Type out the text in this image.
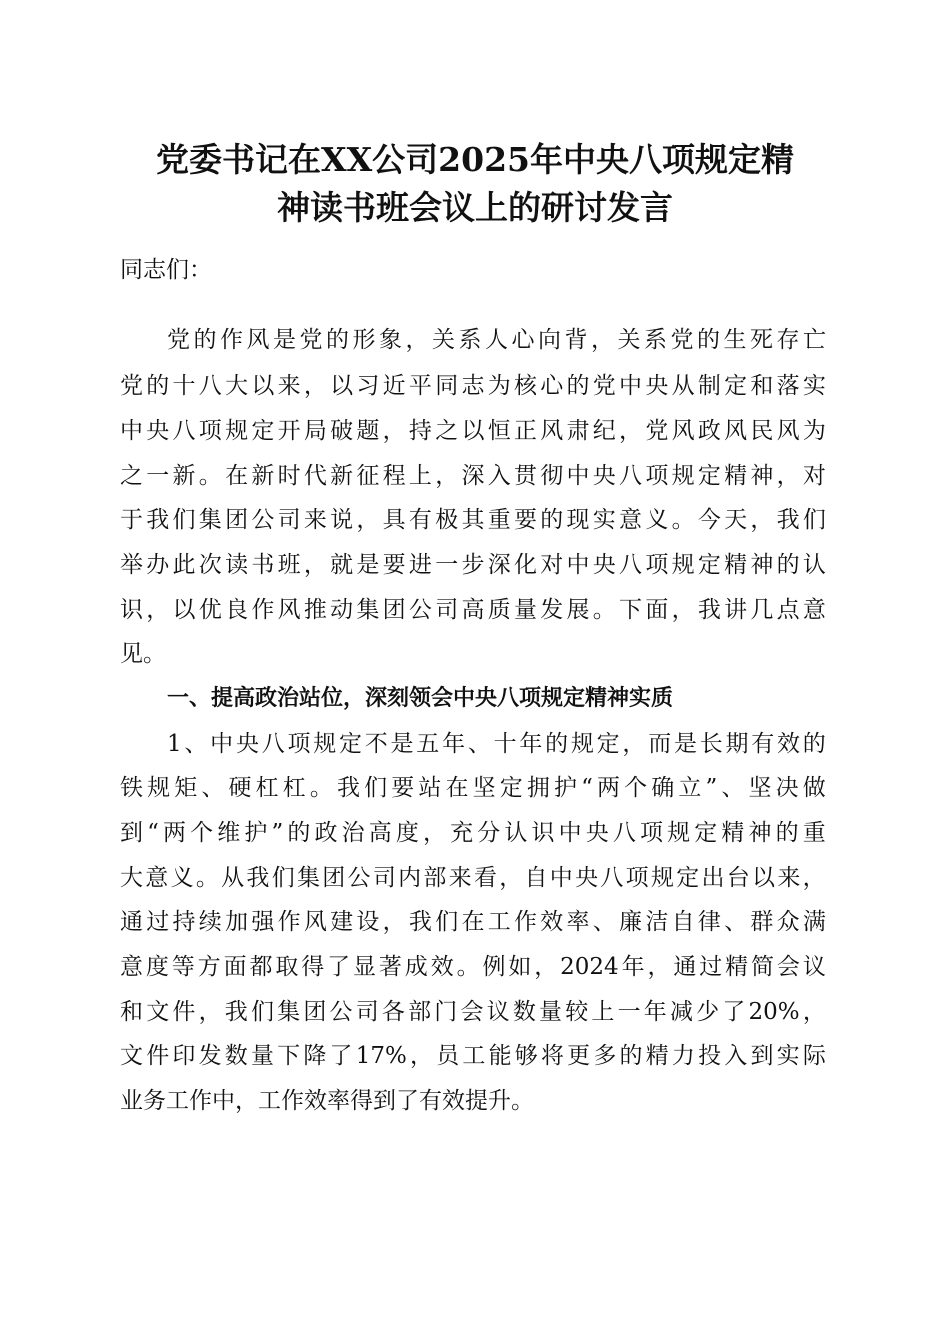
党委书记在XX公司2025年中央八项规定精
神读书班会议上的研讨发言
同志们：
党 的 作 风 是 党 的 形 象 ， 关 系 人 心 向 背 ， 关 系 党 的 生 死 存 亡
党 的 十 八 大 以 来 ， 以 习 近 平 同 志 为 核 心 的 党 中 央 从 制 定 和 落 实
中 央 八 项 规 定 开 局 破 题 ， 持 之 以 恒 正 风 肃 纪 ， 党 风 政 风 民 风 为
之 一 新 。 在 新 时 代 新 征 程 上 ， 深 入 贯 彻 中 央 八 项 规 定 精 神 ， 对
于 我 们 集 团 公 司 来 说 ， 具 有 极 其 重 要 的 现 实 意 义 。 今 天 ， 我 们
举 办 此 次 读 书 班 ， 就 是 要 进 一 步 深 化 对 中 央 八 项 规 定 精 神 的 认
识 ， 以 优 良 作 风 推 动 集 团 公 司 高 质 量 发 展 。 下 面 ， 我 讲 几 点 意
见。
一、提高政治站位，深刻领会中央八项规定精神实质
1 、 中 央 八 项 规 定 不 是 五 年 、 十 年 的 规 定 ， 而 是 长 期 有 效 的
铁 规 矩 、 硬 杠 杠 。 我 们 要 站 在 坚 定 拥 护 “ 两 个 确 立 ” 、 坚 决 做
到 “ 两 个 维 护 ” 的 政 治 高 度 ， 充 分 认 识 中 央 八 项 规 定 精 神 的 重
大 意 义 。 从 我 们 集 团 公 司 内 部 来 看 ， 自 中 央 八 项 规 定 出 台 以 来 ，
通 过 持 续 加 强 作 风 建 设 ， 我 们 在 工 作 效 率 、 廉 洁 自 律 、 群 众 满
意 度 等 方 面 都 取 得 了 显 著 成 效 。 例 如 ， 2024 年 ， 通 过 精 简 会 议
和 文 件 ， 我 们 集 团 公 司 各 部 门 会 议 数 量 较 上 一 年 减 少 了 20% ，
文 件 印 发 数 量 下 降 了 17% ， 员 工 能 够 将 更 多 的 精 力 投 入 到 实 际
业务工作中，工作效率得到了有效提升。
